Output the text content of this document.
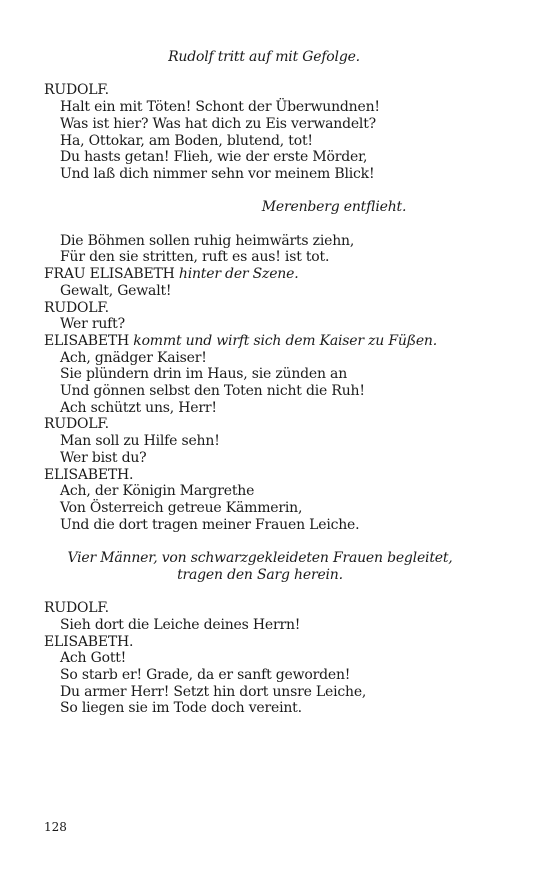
Rudolf tritt auf mit Gefolge.
RUDOLF.
Halt ein mit Töten! Schont der Überwundnen!
Was ist hier? Was hat dich zu Eis verwandelt?
Ha, Ottokar, am Boden, blutend, tot!
Du hasts getan! Flieh, wie der erste Mörder,
Und laß dich nimmer sehn vor meinem Blick!
Merenberg entflieht.
Die Böhmen sollen ruhig heimwärts ziehn,
Für den sie stritten, ruft es aus! ist tot.
FRAU ELISABETH hinter der Szene.
Gewalt, Gewalt!
RUDOLF.
Wer ruft?
ELISABETH kommt und wirft sich dem Kaiser zu Füßen.
Ach, gnädger Kaiser!
Sie plündern drin im Haus, sie zünden an
Und gönnen selbst den Toten nicht die Ruh!
Ach schützt uns, Herr!
RUDOLF.
Man soll zu Hilfe sehn!
Wer bist du?
ELISABETH.
Ach, der Königin Margrethe
Von Österreich getreue Kämmerin,
Und die dort tragen meiner Frauen Leiche.
Vier Männer, von schwarzgekleideten Frauen begleitet, tragen den Sarg herein.
RUDOLF.
Sieh dort die Leiche deines Herrn!
ELISABETH.
Ach Gott!
So starb er! Grade, da er sanft geworden!
Du armer Herr! Setzt hin dort unsre Leiche,
So liegen sie im Tode doch vereint.
128
